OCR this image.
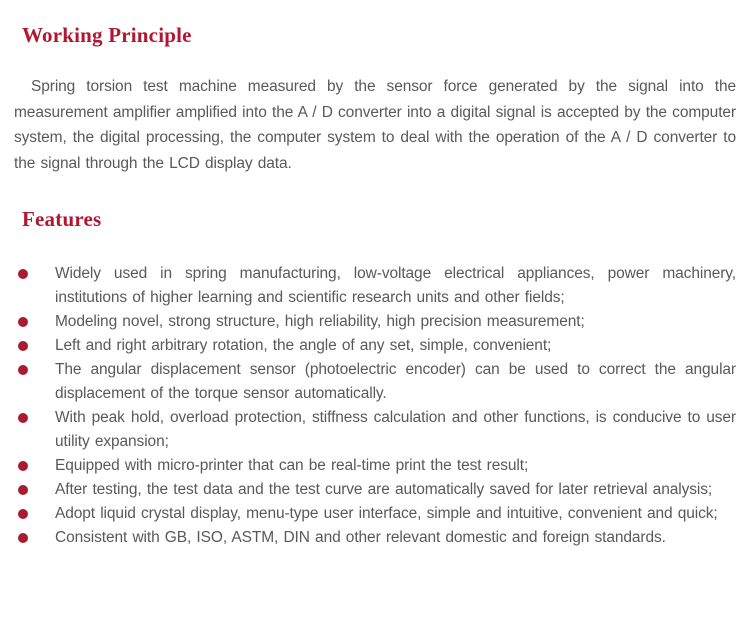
Working Principle

Spring torsion test machine measured by the sensor force generated by the signal into the measurement amplifier amplified into the A / D converter into a digital signal is accepted by the computer system, the digital processing, the computer system to deal with the operation of the A / D converter to the signal through the LCD display data.

Features
Widely used in spring manufacturing, low-voltage electrical appliances, power machinery, institutions of higher learning and scientific research units and other fields;
Modeling novel, strong structure, high reliability, high precision measurement;
Left and right arbitrary rotation, the angle of any set, simple, convenient;
The angular displacement sensor (photoelectric encoder) can be used to correct the angular displacement of the torque sensor automatically.
With peak hold, overload protection, stiffness calculation and other functions, is conducive to user utility expansion;
Equipped with micro-printer that can be real-time print the test result;
After testing, the test data and the test curve are automatically saved for later retrieval analysis;
Adopt liquid crystal display, menu-type user interface, simple and intuitive, convenient and quick;
Consistent with GB, ISO, ASTM, DIN and other relevant domestic and foreign standards.
